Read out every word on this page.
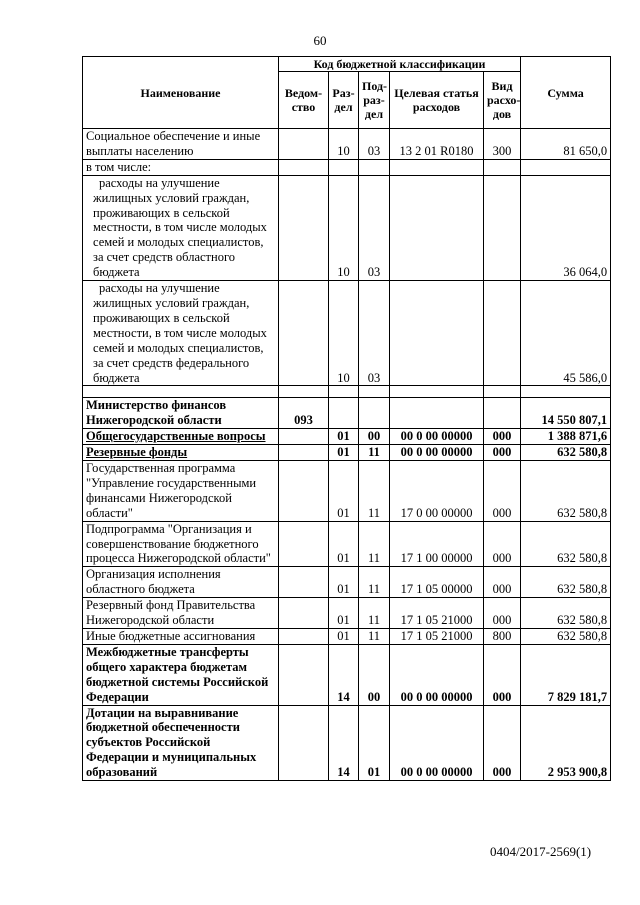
60
Наименование	Код бюджетной классификации					Сумма
	Ведом-ство	Раз-дел	Под-раз-дел	Целевая статья расходов	Вид расхо-дов	
Социальное обеспечение и иные выплаты населению		10	03	13 2 01 R0180	300	81 650,0
в том числе:						
расходы на улучшение жилищных условий граждан, проживающих в сельской местности, в том числе молодых семей и молодых специалистов, за счет средств областного бюджета		10	03			36 064,0
расходы на улучшение жилищных условий граждан, проживающих в сельской местности, в том числе молодых семей и молодых специалистов, за счет средств федерального бюджета		10	03			45 586,0

Министерство финансов Нижегородской области	093					14 550 807,1
Общегосударственные вопросы		01	00	00 0 00 00000	000	1 388 871,6
Резервные фонды		01	11	00 0 00 00000	000	632 580,8
Государственная программа "Управление государственными финансами Нижегородской области"		01	11	17 0 00 00000	000	632 580,8
Подпрограмма "Организация и совершенствование бюджетного процесса Нижегородской области"		01	11	17 1 00 00000	000	632 580,8
Организация исполнения областного бюджета		01	11	17 1 05 00000	000	632 580,8
Резервный фонд Правительства Нижегородской области		01	11	17 1 05 21000	000	632 580,8
Иные бюджетные ассигнования		01	11	17 1 05 21000	800	632 580,8
Межбюджетные трансферты общего характера бюджетам бюджетной системы Российской Федерации		14	00	00 0 00 00000	000	7 829 181,7
Дотации на выравнивание бюджетной обеспеченности субъектов Российской Федерации и муниципальных образований		14	01	00 0 00 00000	000	2 953 900,8
0404/2017-2569(1)
